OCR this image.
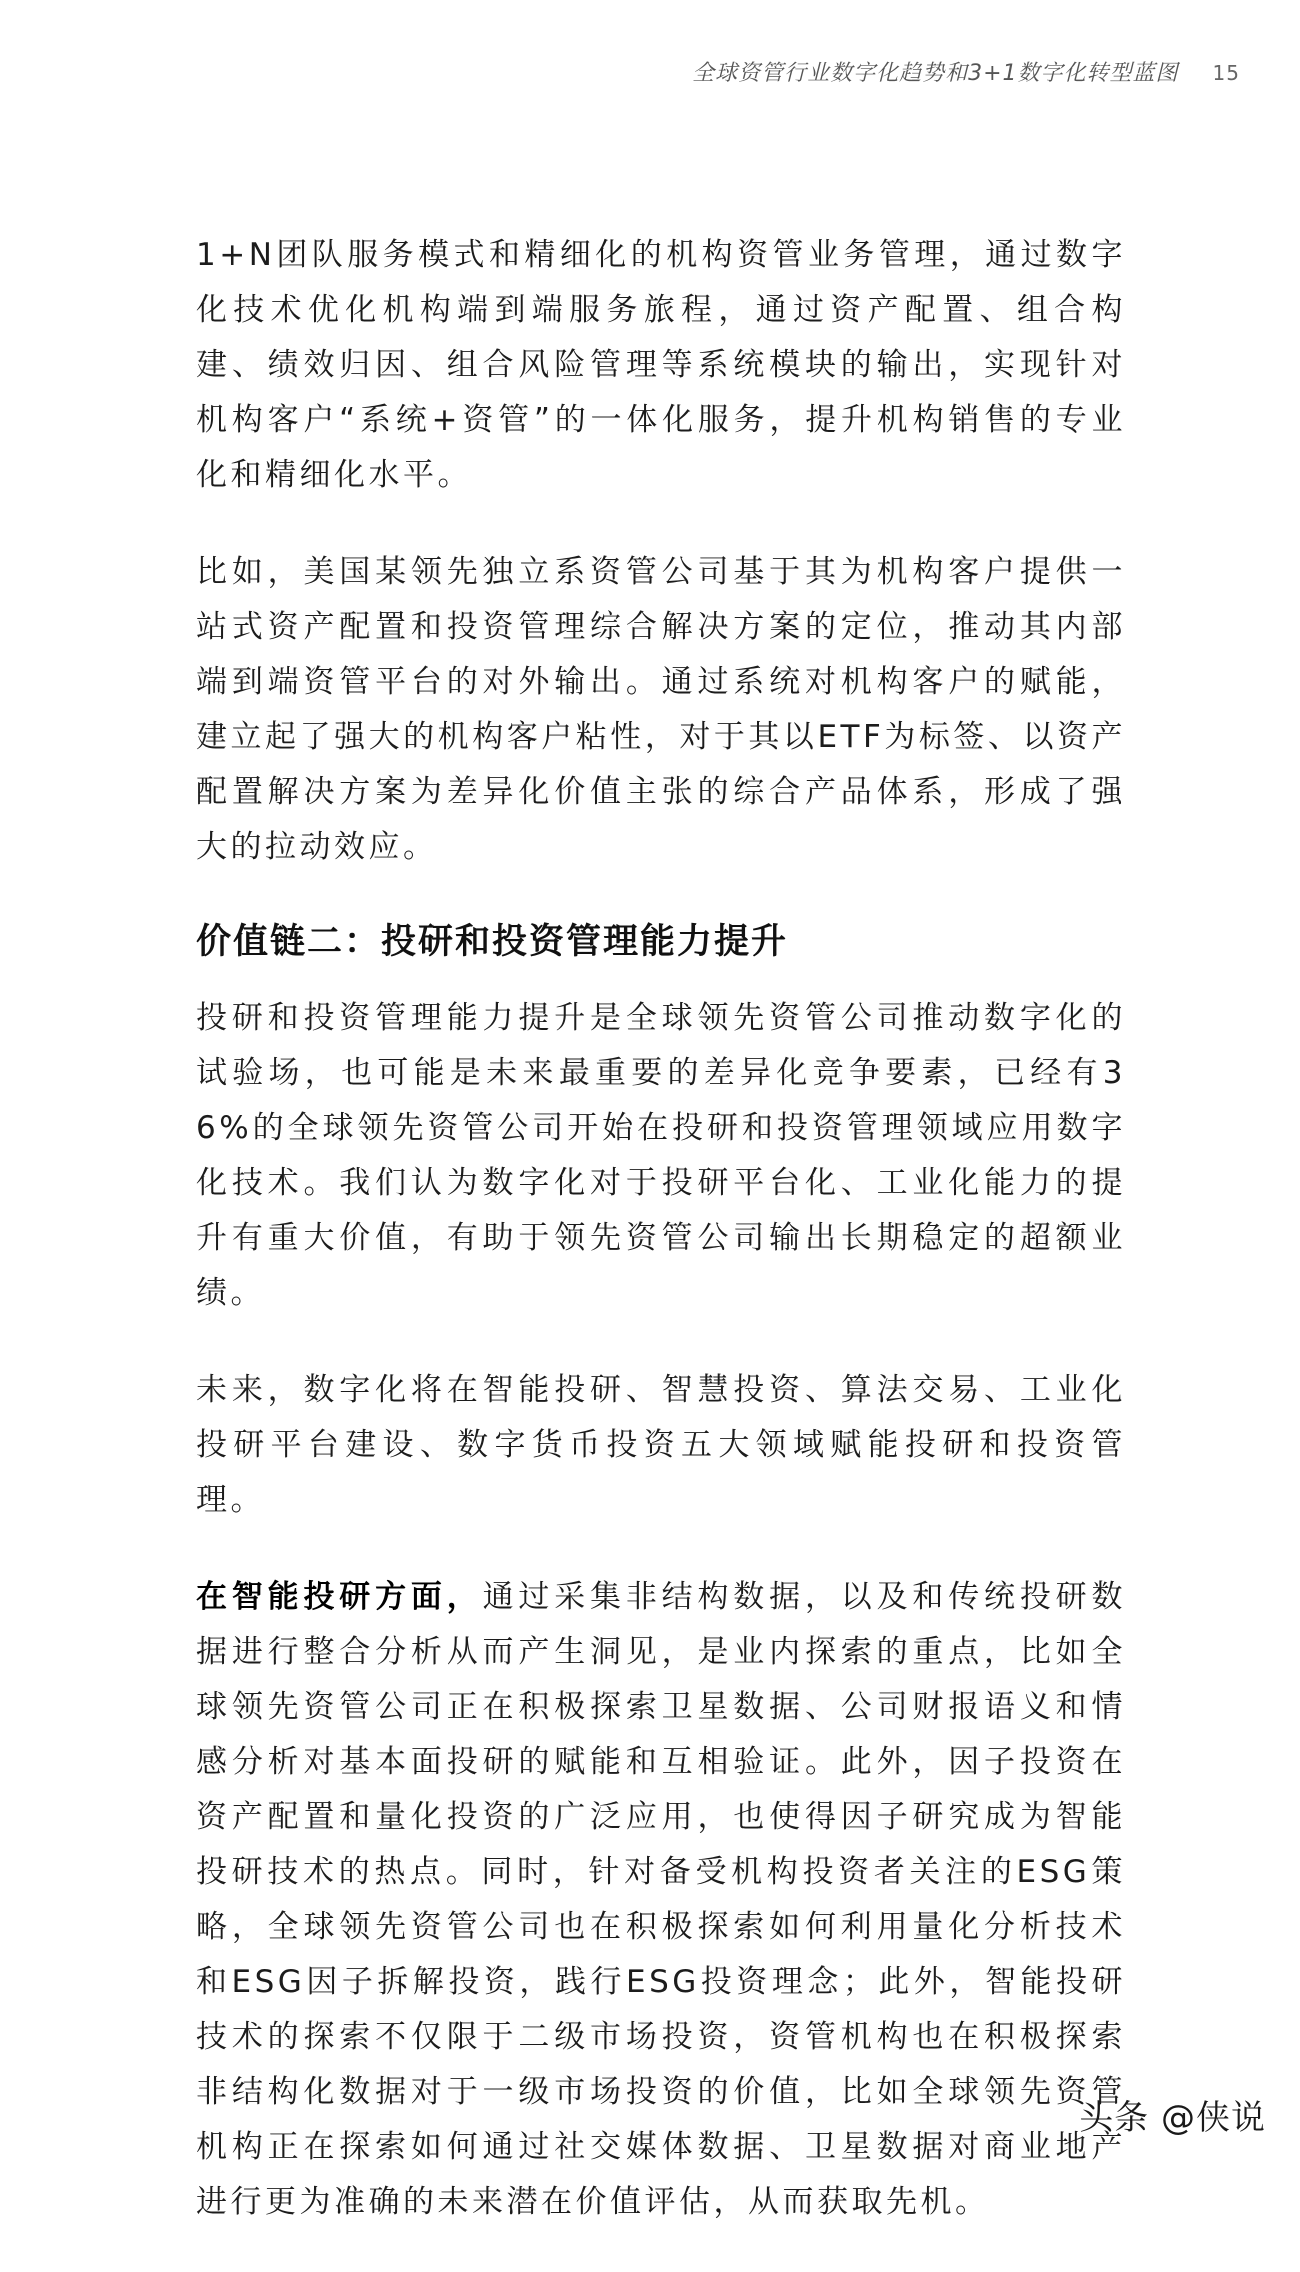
全球资管行业数字化趋势和3+1数字化转型蓝图 15

1+N团队服务模式和精细化的机构资管业务管理，通过数字化技术优化机构端到端服务旅程，通过资产配置、组合构建、绩效归因、组合风险管理等系统模块的输出，实现针对机构客户“系统+资管”的一体化服务，提升机构销售的专业化和精细化水平。

比如，美国某领先独立系资管公司基于其为机构客户提供一站式资产配置和投资管理综合解决方案的定位，推动其内部端到端资管平台的对外输出。通过系统对机构客户的赋能，建立起了强大的机构客户粘性，对于其以ETF为标签、以资产配置解决方案为差异化价值主张的综合产品体系，形成了强大的拉动效应。

价值链二：投研和投资管理能力提升

投研和投资管理能力提升是全球领先资管公司推动数字化的试验场，也可能是未来最重要的差异化竞争要素，已经有36%的全球领先资管公司开始在投研和投资管理领域应用数字化技术。我们认为数字化对于投研平台化、工业化能力的提升有重大价值，有助于领先资管公司输出长期稳定的超额业绩。

未来，数字化将在智能投研、智慧投资、算法交易、工业化投研平台建设、数字货币投资五大领域赋能投研和投资管理。

在智能投研方面，通过采集非结构数据，以及和传统投研数据进行整合分析从而产生洞见，是业内探索的重点，比如全球领先资管公司正在积极探索卫星数据、公司财报语义和情感分析对基本面投研的赋能和互相验证。此外，因子投资在资产配置和量化投资的广泛应用，也使得因子研究成为智能投研技术的热点。同时，针对备受机构投资者关注的ESG策略，全球领先资管公司也在积极探索如何利用量化分析技术和ESG因子拆解投资，践行ESG投资理念；此外，智能投研技术的探索不仅限于二级市场投资，资管机构也在积极探索非结构化数据对于一级市场投资的价值，比如全球领先资管机构正在探索如何通过社交媒体数据、卫星数据对商业地产进行更为准确的未来潜在价值评估，从而获取先机。

头条 @侠说
